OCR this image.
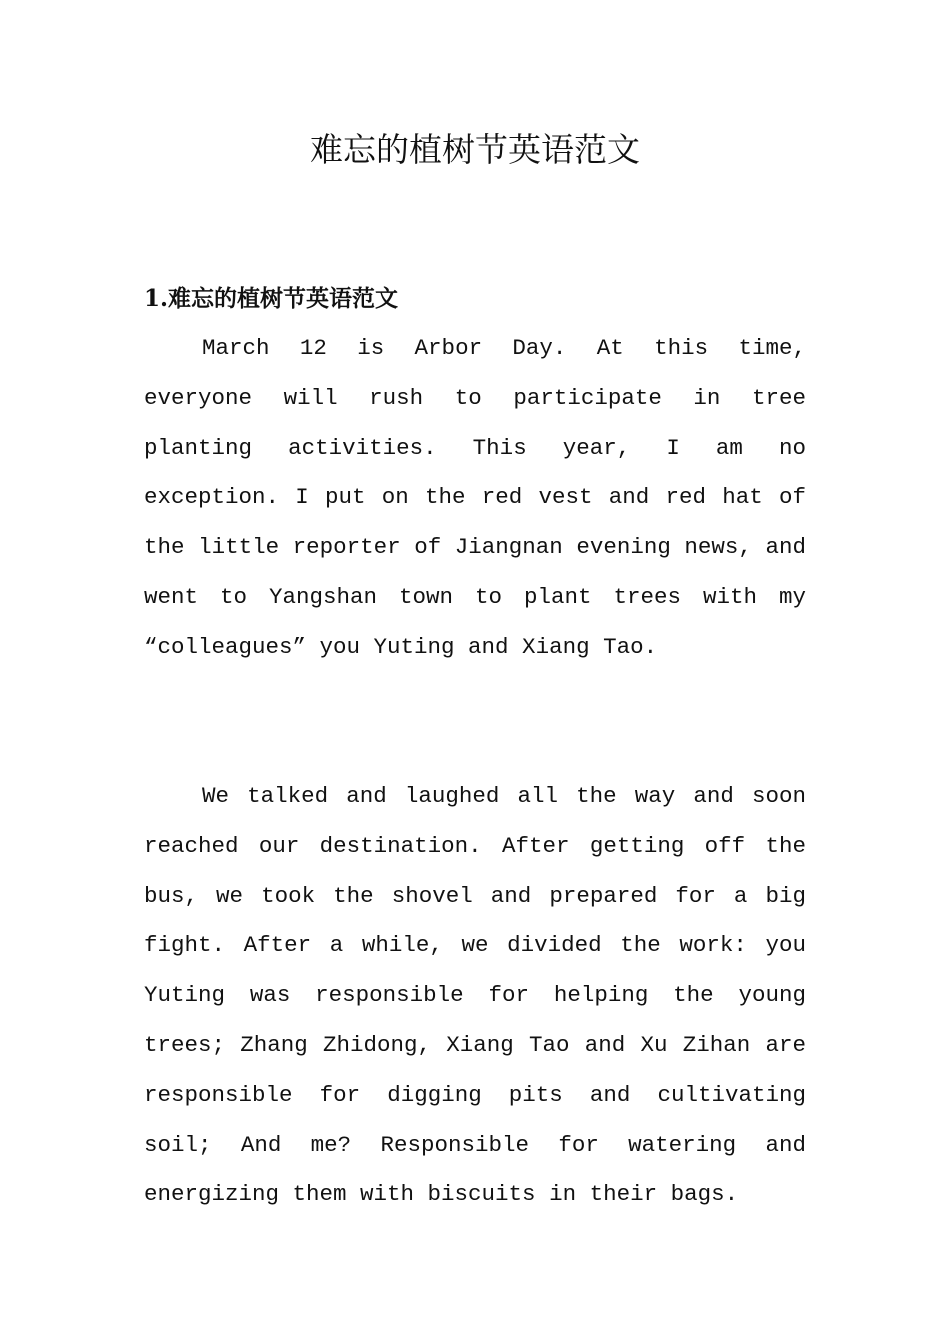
难忘的植树节英语范文
1.难忘的植树节英语范文

March 12 is Arbor Day. At this time, everyone will rush to participate in tree planting activities. This year, I am no exception. I put on the red vest and red hat of the little reporter of Jiangnan evening news, and went to Yangshan town to plant trees with my “colleagues” you Yuting and Xiang Tao.

We talked and laughed all the way and soon reached our destination. After getting off the bus, we took the shovel and prepared for a big fight. After a while, we divided the work: you Yuting was responsible for helping the young trees; Zhang Zhidong, Xiang Tao and Xu Zihan are responsible for digging pits and cultivating soil; And me? Responsible for watering and energizing them with biscuits in their bags.
